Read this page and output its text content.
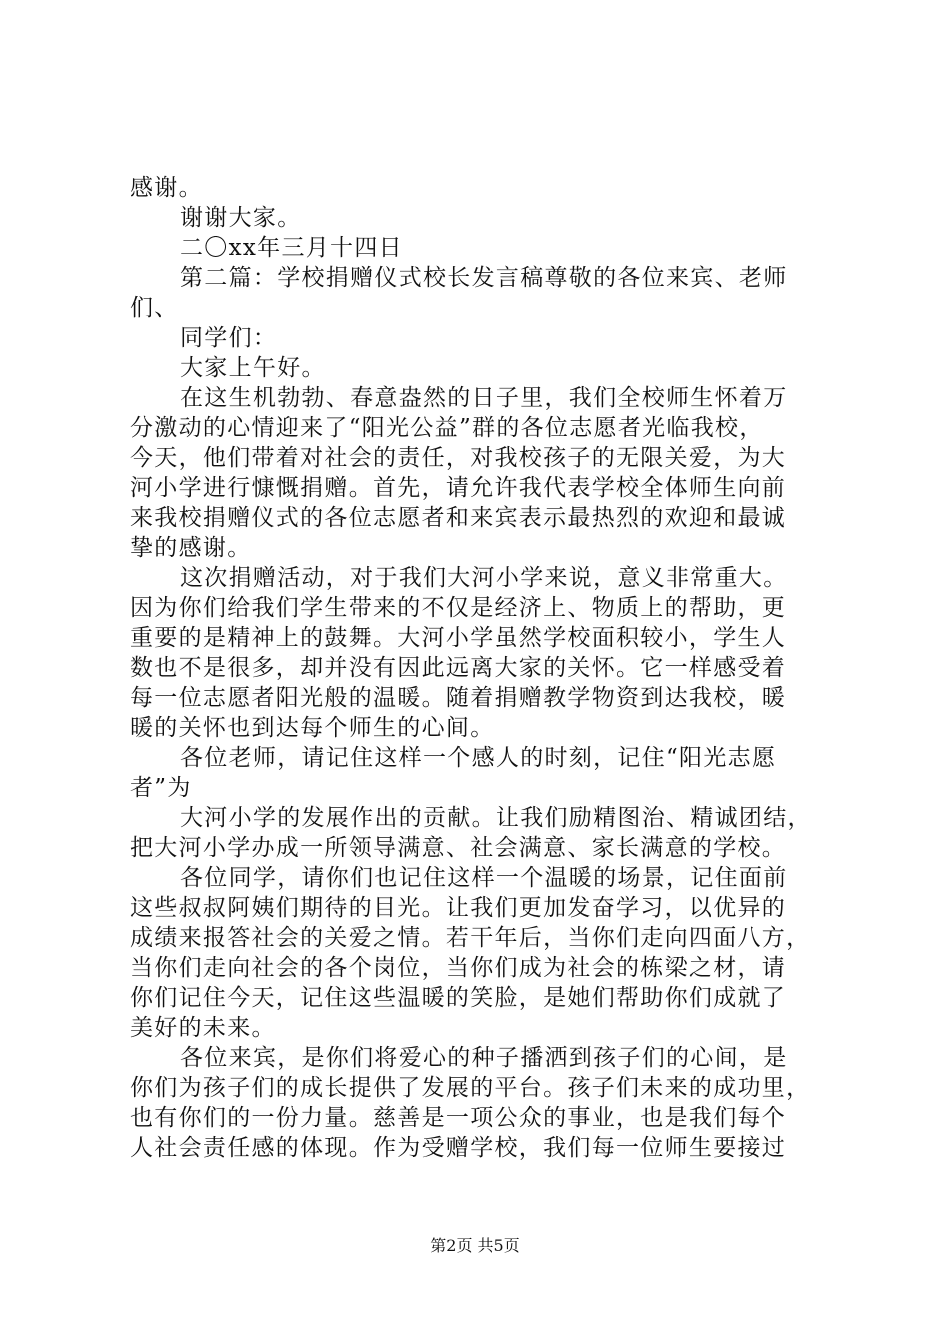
感谢。
谢谢大家。
二〇xx年三月十四日
第二篇：学校捐赠仪式校长发言稿尊敬的各位来宾、老师
们、
同学们：
大家上午好。
在这生机勃勃、春意盎然的日子里，我们全校师生怀着万
分激动的心情迎来了“阳光公益”群的各位志愿者光临我校，
今天，他们带着对社会的责任，对我校孩子的无限关爱，为大
河小学进行慷慨捐赠。首先，请允许我代表学校全体师生向前
来我校捐赠仪式的各位志愿者和来宾表示最热烈的欢迎和最诚
挚的感谢。
这次捐赠活动，对于我们大河小学来说，意义非常重大。
因为你们给我们学生带来的不仅是经济上、物质上的帮助，更
重要的是精神上的鼓舞。大河小学虽然学校面积较小，学生人
数也不是很多，却并没有因此远离大家的关怀。它一样感受着
每一位志愿者阳光般的温暖。随着捐赠教学物资到达我校，暖
暖的关怀也到达每个师生的心间。
各位老师，请记住这样一个感人的时刻，记住“阳光志愿
者”为
大河小学的发展作出的贡献。让我们励精图治、精诚团结，
把大河小学办成一所领导满意、社会满意、家长满意的学校。
各位同学，请你们也记住这样一个温暖的场景，记住面前
这些叔叔阿姨们期待的目光。让我们更加发奋学习，以优异的
成绩来报答社会的关爱之情。若干年后，当你们走向四面八方，
当你们走向社会的各个岗位，当你们成为社会的栋梁之材，请
你们记住今天，记住这些温暖的笑脸，是她们帮助你们成就了
美好的未来。
各位来宾，是你们将爱心的种子播洒到孩子们的心间，是
你们为孩子们的成长提供了发展的平台。孩子们未来的成功里，
也有你们的一份力量。慈善是一项公众的事业，也是我们每个
人社会责任感的体现。作为受赠学校，我们每一位师生要接过
第2页 共5页
